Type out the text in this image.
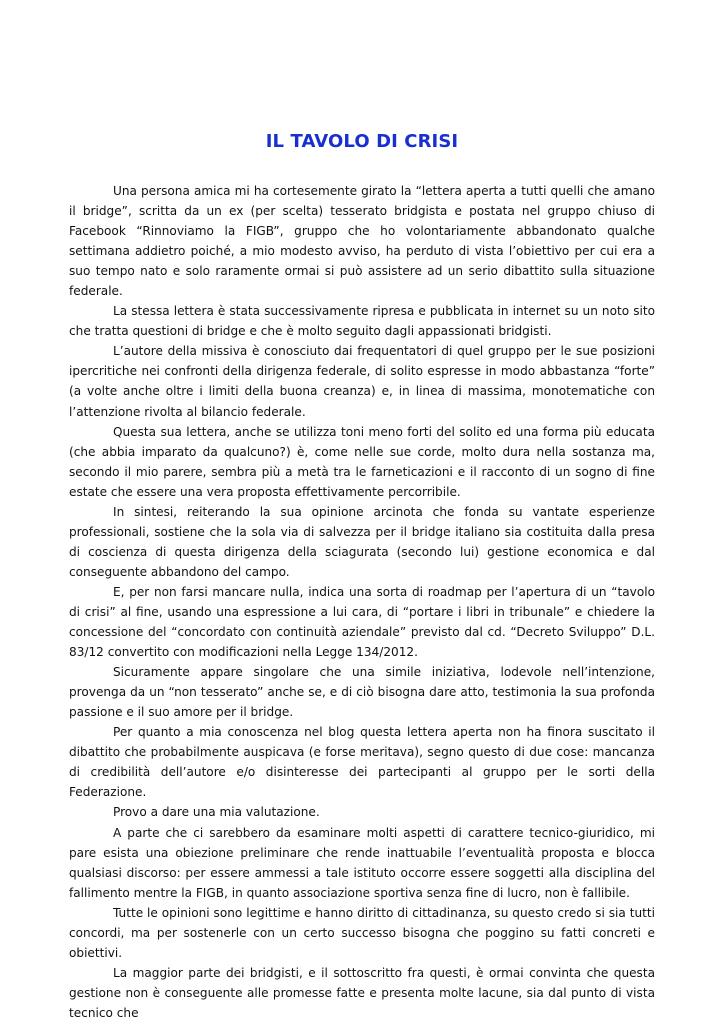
IL TAVOLO DI CRISI

Una persona amica mi ha cortesemente girato la “lettera aperta a tutti quelli che amano il bridge”, scritta da un ex (per scelta) tesserato bridgista e postata nel gruppo chiuso di Facebook “Rinnoviamo la FIGB”, gruppo che ho volontariamente abbandonato qualche settimana addietro poiché, a mio modesto avviso, ha perduto di vista l’obiettivo per cui era a suo tempo nato e solo raramente ormai si può assistere ad un serio dibattito sulla situazione federale.

La stessa lettera è stata successivamente ripresa e pubblicata in internet su un noto sito che tratta questioni di bridge e che è molto seguito dagli appassionati bridgisti.

L’autore della missiva è conosciuto dai frequentatori di quel gruppo per le sue posizioni ipercritiche nei confronti della dirigenza federale, di solito espresse in modo abbastanza “forte” (a volte anche oltre i limiti della buona creanza) e, in linea di massima, monotematiche con l’attenzione rivolta al bilancio federale.

Questa sua lettera, anche se utilizza toni meno forti del solito ed una forma più educata (che abbia imparato da qualcuno?) è, come nelle sue corde, molto dura nella sostanza ma, secondo il mio parere, sembra più a metà tra le farneticazioni e il racconto di un sogno di fine estate che essere una vera proposta effettivamente percorribile.

In sintesi, reiterando la sua opinione arcinota che fonda su vantate esperienze professionali, sostiene che la sola via di salvezza per il bridge italiano sia costituita dalla presa di coscienza di questa dirigenza della sciagurata (secondo lui) gestione economica e dal conseguente abbandono del campo.

E, per non farsi mancare nulla, indica una sorta di roadmap per l’apertura di un “tavolo di crisi” al fine, usando una espressione a lui cara, di “portare i libri in tribunale” e chiedere la concessione del “concordato con continuità aziendale” previsto dal cd. “Decreto Sviluppo” D.L. 83/12 convertito con modificazioni nella Legge 134/2012.

Sicuramente appare singolare che una simile iniziativa, lodevole nell’intenzione, provenga da un “non tesserato” anche se, e di ciò bisogna dare atto, testimonia la sua profonda passione e il suo amore per il bridge.

Per quanto a mia conoscenza nel blog questa lettera aperta non ha finora suscitato il dibattito che probabilmente auspicava (e forse meritava), segno questo di due cose: mancanza di credibilità dell’autore e/o disinteresse dei partecipanti al gruppo per le sorti della Federazione.

Provo a dare una mia valutazione.

A parte che ci sarebbero da esaminare molti aspetti di carattere tecnico-giuridico, mi pare esista una obiezione preliminare che rende inattuabile l’eventualità proposta e blocca qualsiasi discorso: per essere ammessi a tale istituto occorre essere soggetti alla disciplina del fallimento mentre la FIGB, in quanto associazione sportiva senza fine di lucro, non è fallibile.

Tutte le opinioni sono legittime e hanno diritto di cittadinanza, su questo credo si sia tutti concordi, ma per sostenerle con un certo successo bisogna che poggino su fatti concreti e obiettivi.

La maggior parte dei bridgisti, e il sottoscritto fra questi, è ormai convinta che questa gestione non è conseguente alle promesse fatte e presenta molte lacune, sia dal punto di vista tecnico che
